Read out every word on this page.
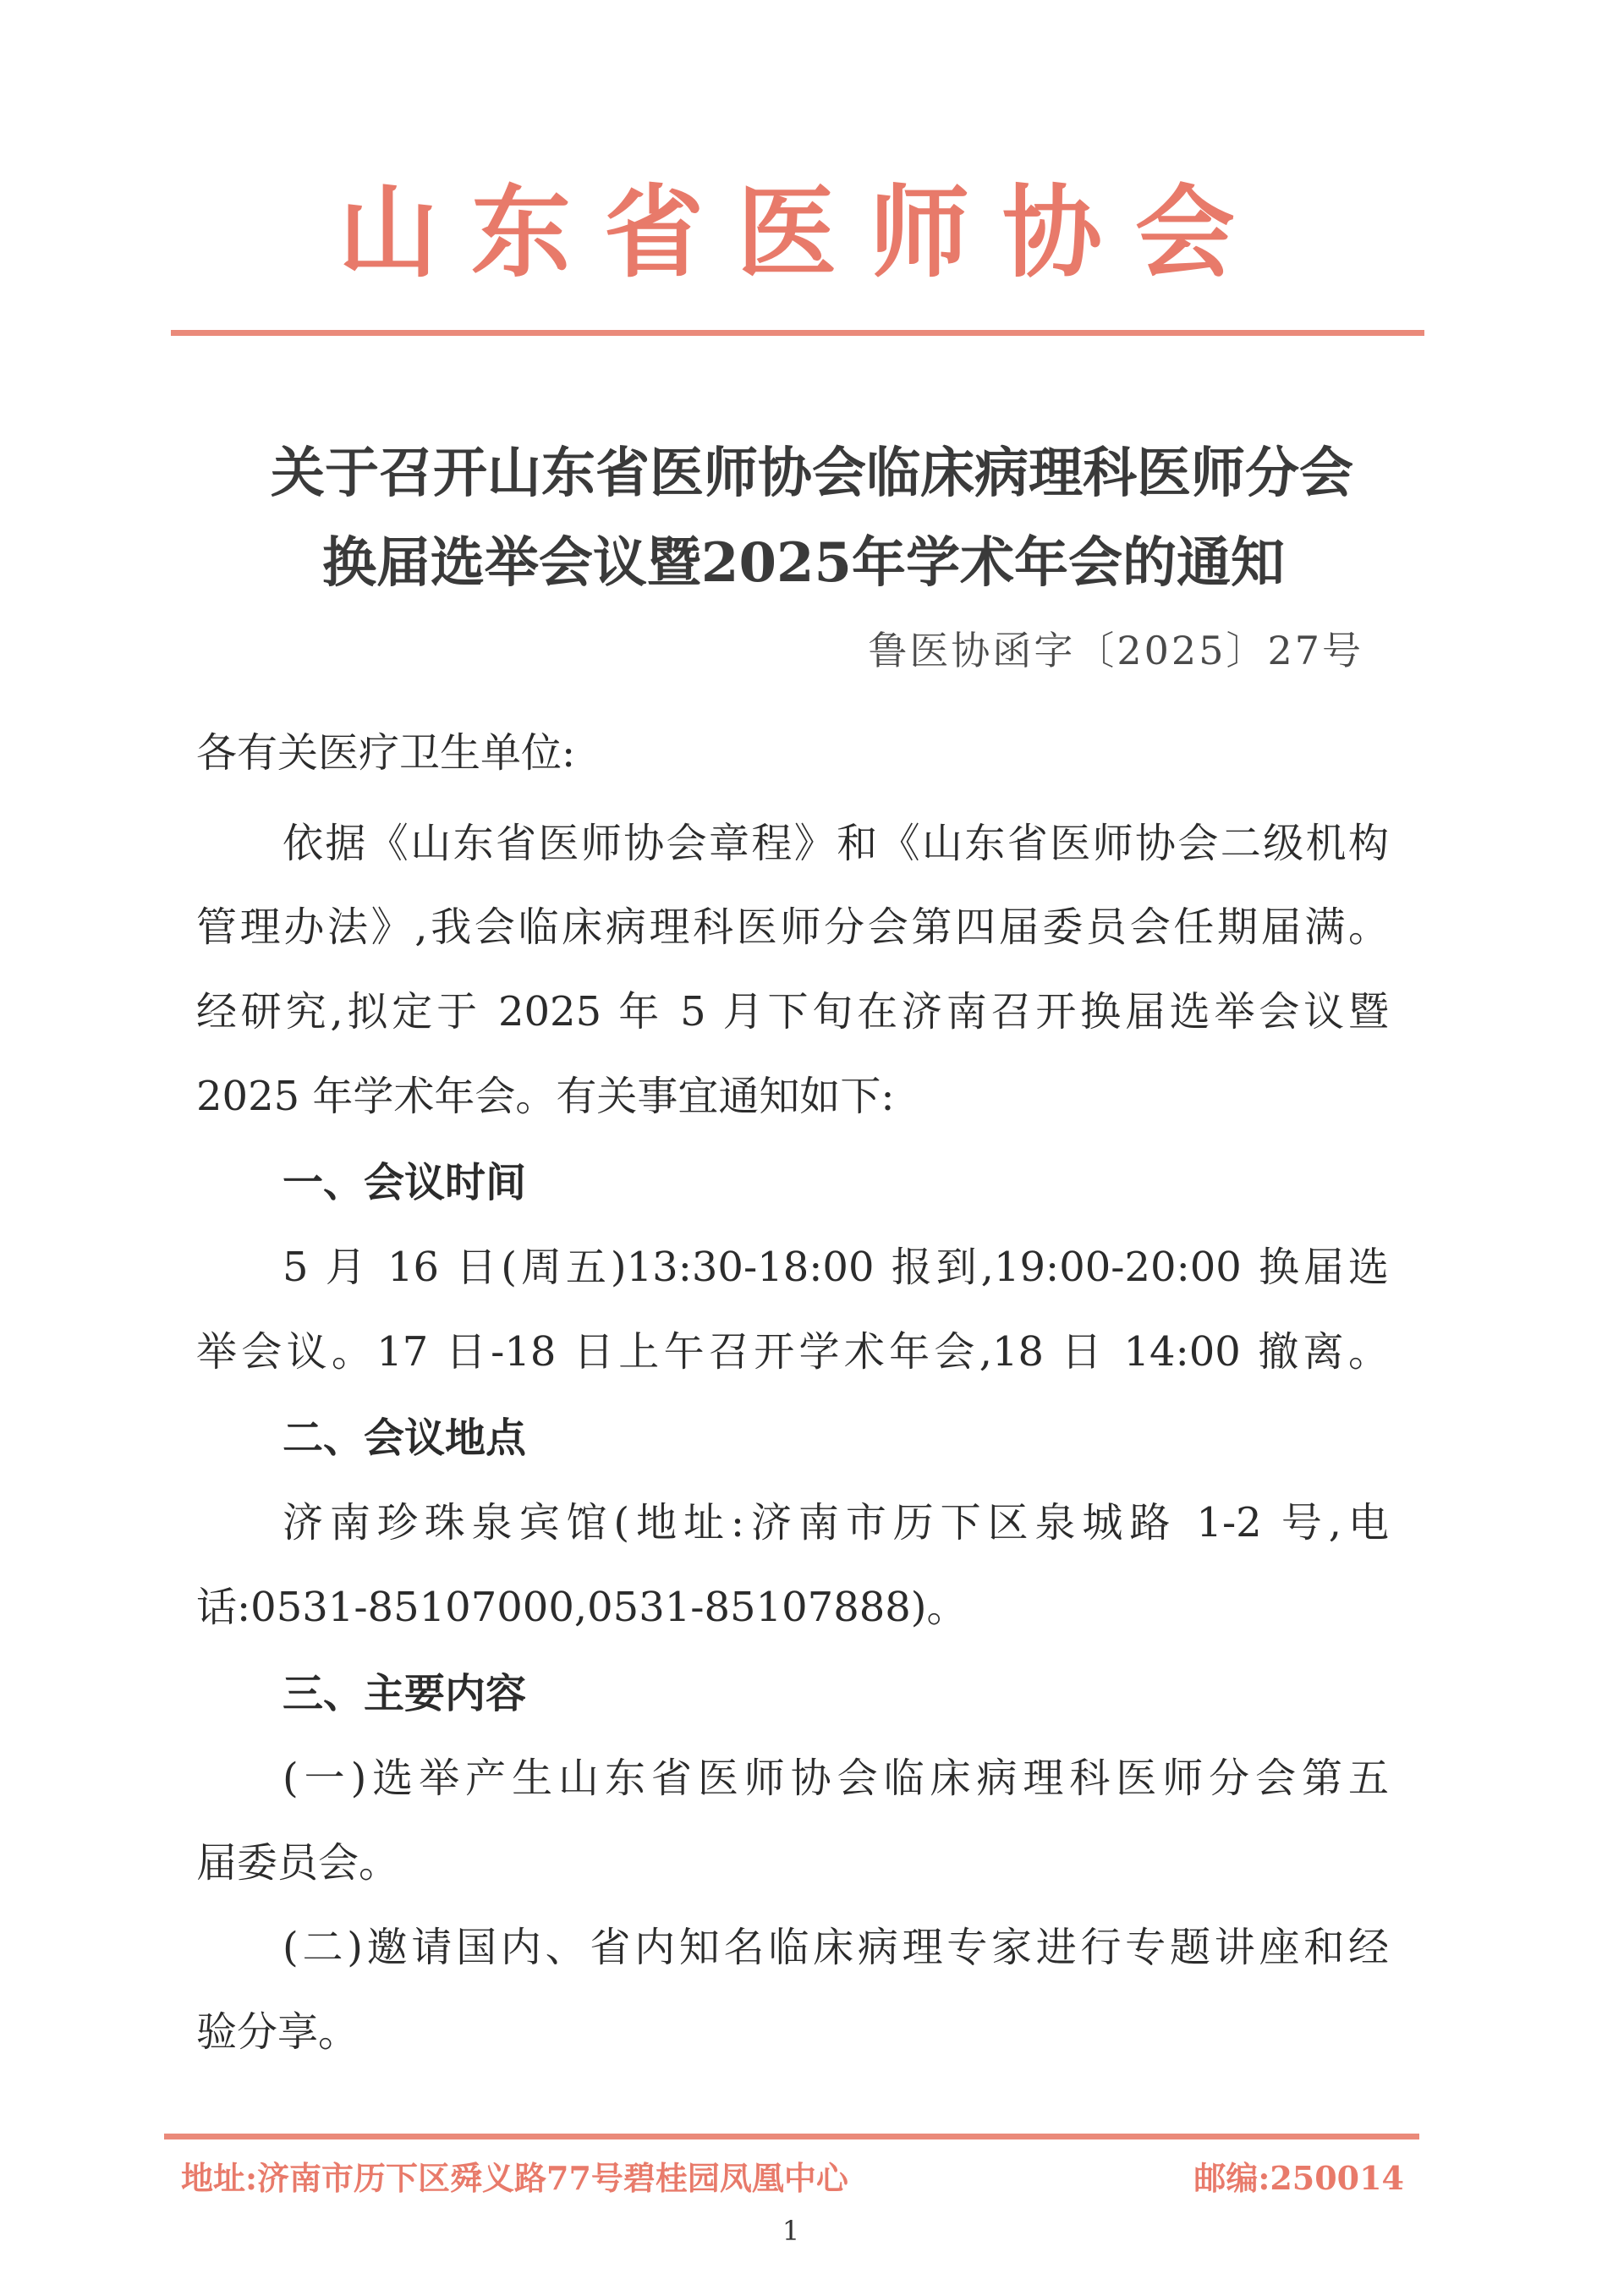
山 东 省 医 师 协 会
关于召开山东省医师协会临床病理科医师分会
换届选举会议暨2025年学术年会的通知
鲁医协函字〔2025〕27号
各有关医疗卫生单位:
依据《山东省医师协会章程》和《山东省医师协会二级机构
管理办法》,我会临床病理科医师分会第四届委员会任期届满。
经研究,拟定于 2025 年 5 月下旬在济南召开换届选举会议暨
2025 年学术年会。有关事宜通知如下:
一、会议时间
5 月 16 日(周五)13:30-18:00 报到,19:00-20:00 换届选
举会议。17 日-18 日上午召开学术年会,18 日 14:00 撤离。
二、会议地点
济南珍珠泉宾馆(地址:济南市历下区泉城路 1-2 号,电
话:0531-85107000,0531-85107888)。
三、主要内容
(一)选举产生山东省医师协会临床病理科医师分会第五
届委员会。
(二)邀请国内、省内知名临床病理专家进行专题讲座和经
验分享。
地址:济南市历下区舜义路77号碧桂园凤凰中心	邮编:250014
1
